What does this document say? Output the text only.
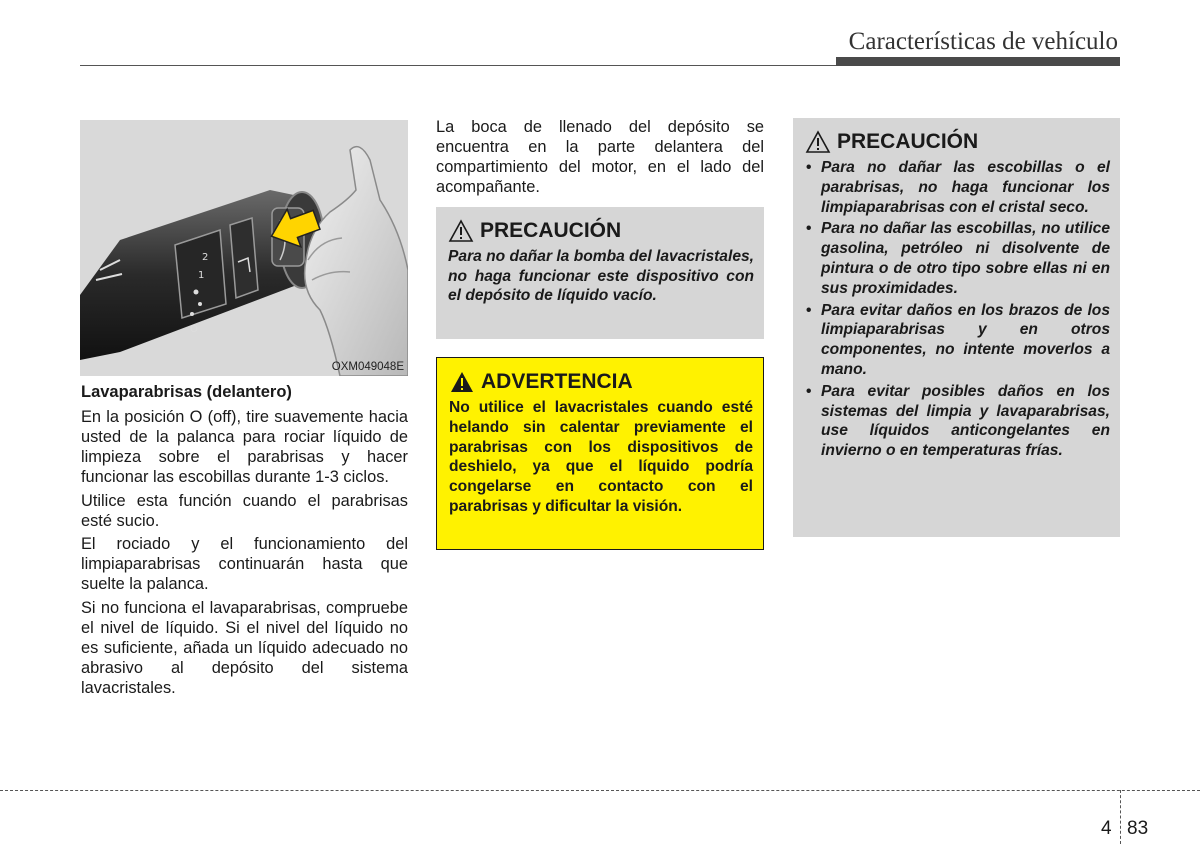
Características de vehículo
2
1
O
OXM049048E
Lavaparabrisas (delantero)

En la posición O (off), tire suavemente hacia usted de la palanca para rociar líquido de limpieza sobre el parabrisas y hacer funcionar las escobillas durante 1-3 ciclos.

Utilice esta función cuando el parabrisas esté sucio.

El rociado y el funcionamiento del limpiaparabrisas continuarán hasta que suelte la palanca.

Si no funciona el lavaparabrisas, compruebe el nivel de líquido. Si el nivel del líquido no es suficiente, añada un líquido adecuado no abrasivo al depósito del sistema lavacristales.

La boca de llenado del depósito se encuentra en la parte delantera del compartimiento del motor, en el lado del acompañante.

PRECAUCIÓN

Para no dañar la bomba del lavacristales, no haga funcionar este dispositivo con el depósito de líquido vacío.

ADVERTENCIA

No utilice el lavacristales cuando esté helando sin calentar previamente el parabrisas con los dispositivos de deshielo, ya que el líquido podría congelarse en contacto con el parabrisas y dificultar la visión.

PRECAUCIÓN
• Para no dañar las escobillas o el parabrisas, no haga funcionar los limpiaparabrisas con el cristal seco.
• Para no dañar las escobillas, no utilice gasolina, petróleo ni disolvente de pintura o de otro tipo sobre ellas ni en sus proximidades.
• Para evitar daños en los brazos de los limpiaparabrisas y en otros componentes, no intente moverlos a mano.
• Para evitar posibles daños en los sistemas del limpia y lavaparabrisas, use líquidos anticongelantes en invierno o en temperaturas frías.
4 83
